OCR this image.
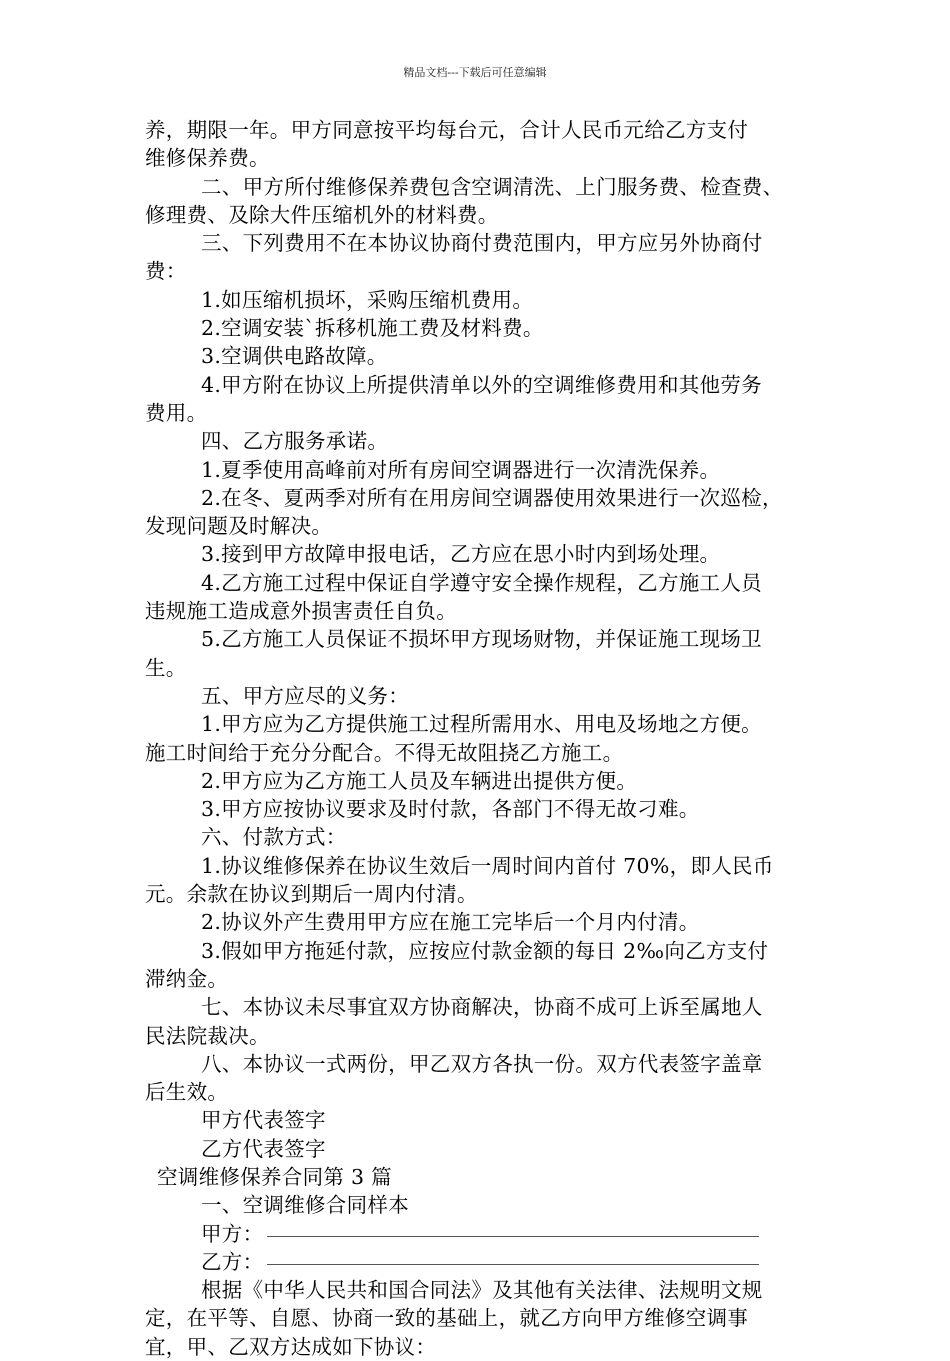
精品文档---下载后可任意编辑
养，期限一年。甲方同意按平均每台元，合计人民币元给乙方支付
维修保养费。
二、甲方所付维修保养费包含空调清洗、上门服务费、检查费、
修理费、及除大件压缩机外的材料费。
三、下列费用不在本协议协商付费范围内，甲方应另外协商付
费：
1.如压缩机损坏，采购压缩机费用。
2.空调安装`拆移机施工费及材料费。
3.空调供电路故障。
4.甲方附在协议上所提供清单以外的空调维修费用和其他劳务
费用。
四、乙方服务承诺。
1.夏季使用高峰前对所有房间空调器进行一次清洗保养。
2.在冬、夏两季对所有在用房间空调器使用效果进行一次巡检，
发现问题及时解决。
3.接到甲方故障申报电话，乙方应在思小时内到场处理。
4.乙方施工过程中保证自学遵守安全操作规程，乙方施工人员
违规施工造成意外损害责任自负。
5.乙方施工人员保证不损坏甲方现场财物，并保证施工现场卫
生。
五、甲方应尽的义务：
1.甲方应为乙方提供施工过程所需用水、用电及场地之方便。
施工时间给于充分分配合。不得无故阻挠乙方施工。
2.甲方应为乙方施工人员及车辆进出提供方便。
3.甲方应按协议要求及时付款，各部门不得无故刁难。
六、付款方式：
1.协议维修保养在协议生效后一周时间内首付 70%，即人民币
元。余款在协议到期后一周内付清。
2.协议外产生费用甲方应在施工完毕后一个月内付清。
3.假如甲方拖延付款，应按应付款金额的每日 2‰向乙方支付
滞纳金。
七、本协议未尽事宜双方协商解决，协商不成可上诉至属地人
民法院裁决。
八、本协议一式两份，甲乙双方各执一份。双方代表签字盖章
后生效。
甲方代表签字
乙方代表签字
空调维修保养合同第 3 篇
一、空调维修合同样本
甲方：
乙方：
根据《中华人民共和国合同法》及其他有关法律、法规明文规
定，在平等、自愿、协商一致的基础上，就乙方向甲方维修空调事
宜，甲、乙双方达成如下协议：
